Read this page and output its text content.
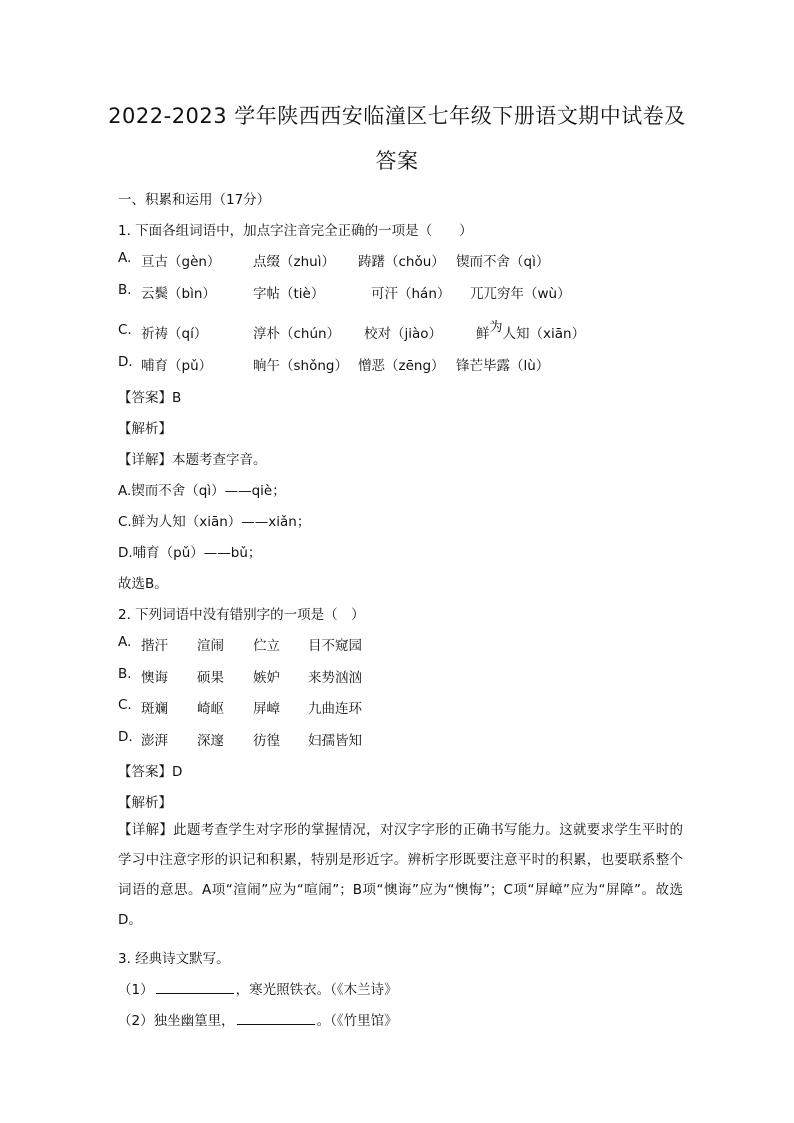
2022-2023 学年陕西西安临潼区七年级下册语文期中试卷及
答案
一、积累和运用（17分）
1. 下面各组词语中，加点字注音完全正确的一项是（　　）
A. 亘古（gèn） 点缀（zhuì） 踌躇（chǒu） 锲而不舍（qì）
B. 云鬓（bìn）	字帖（tiè）	可汗（hán） 兀兀穷年（wù）
C. 祈祷（qí）	淳朴（chún） 校对（jiào）	鲜为人知（xiān）
D. 哺育（pǔ）	晌午（shǒng） 憎恶（zēng） 锋芒毕露（lù）
【答案】B
【解析】
【详解】本题考查字音。
A.锲而不舍（qì）——qiè；
C.鲜为人知（xiān）——xiǎn；
D.哺育（pǔ）——bǔ；
故选B。
2. 下列词语中没有错别字的一项是（　）
A. 揩汗 渲闹 伫立 目不窥园
B. 懊诲 硕果 嫉妒 来势汹汹
C. 斑斓 崎岖 屏嶂 九曲连环
D. 澎湃 深邃 彷徨 妇孺皆知
【答案】D
【解析】
【详解】此题考查学生对字形的掌握情况，对汉字字形的正确书写能力。这就要求学生平时的学习中注意字形的识记和积累，特别是形近字。辨析字形既要注意平时的积累，也要联系整个词语的意思。A项“渲闹”应为“喧闹”；B项“懊诲”应为“懊悔”；C项“屏嶂”应为“屏障”。故选D。
3. 经典诗文默写。
（1）	，寒光照铁衣。（《木兰诗》
（2）独坐幽篁里，	。（《竹里馆》
